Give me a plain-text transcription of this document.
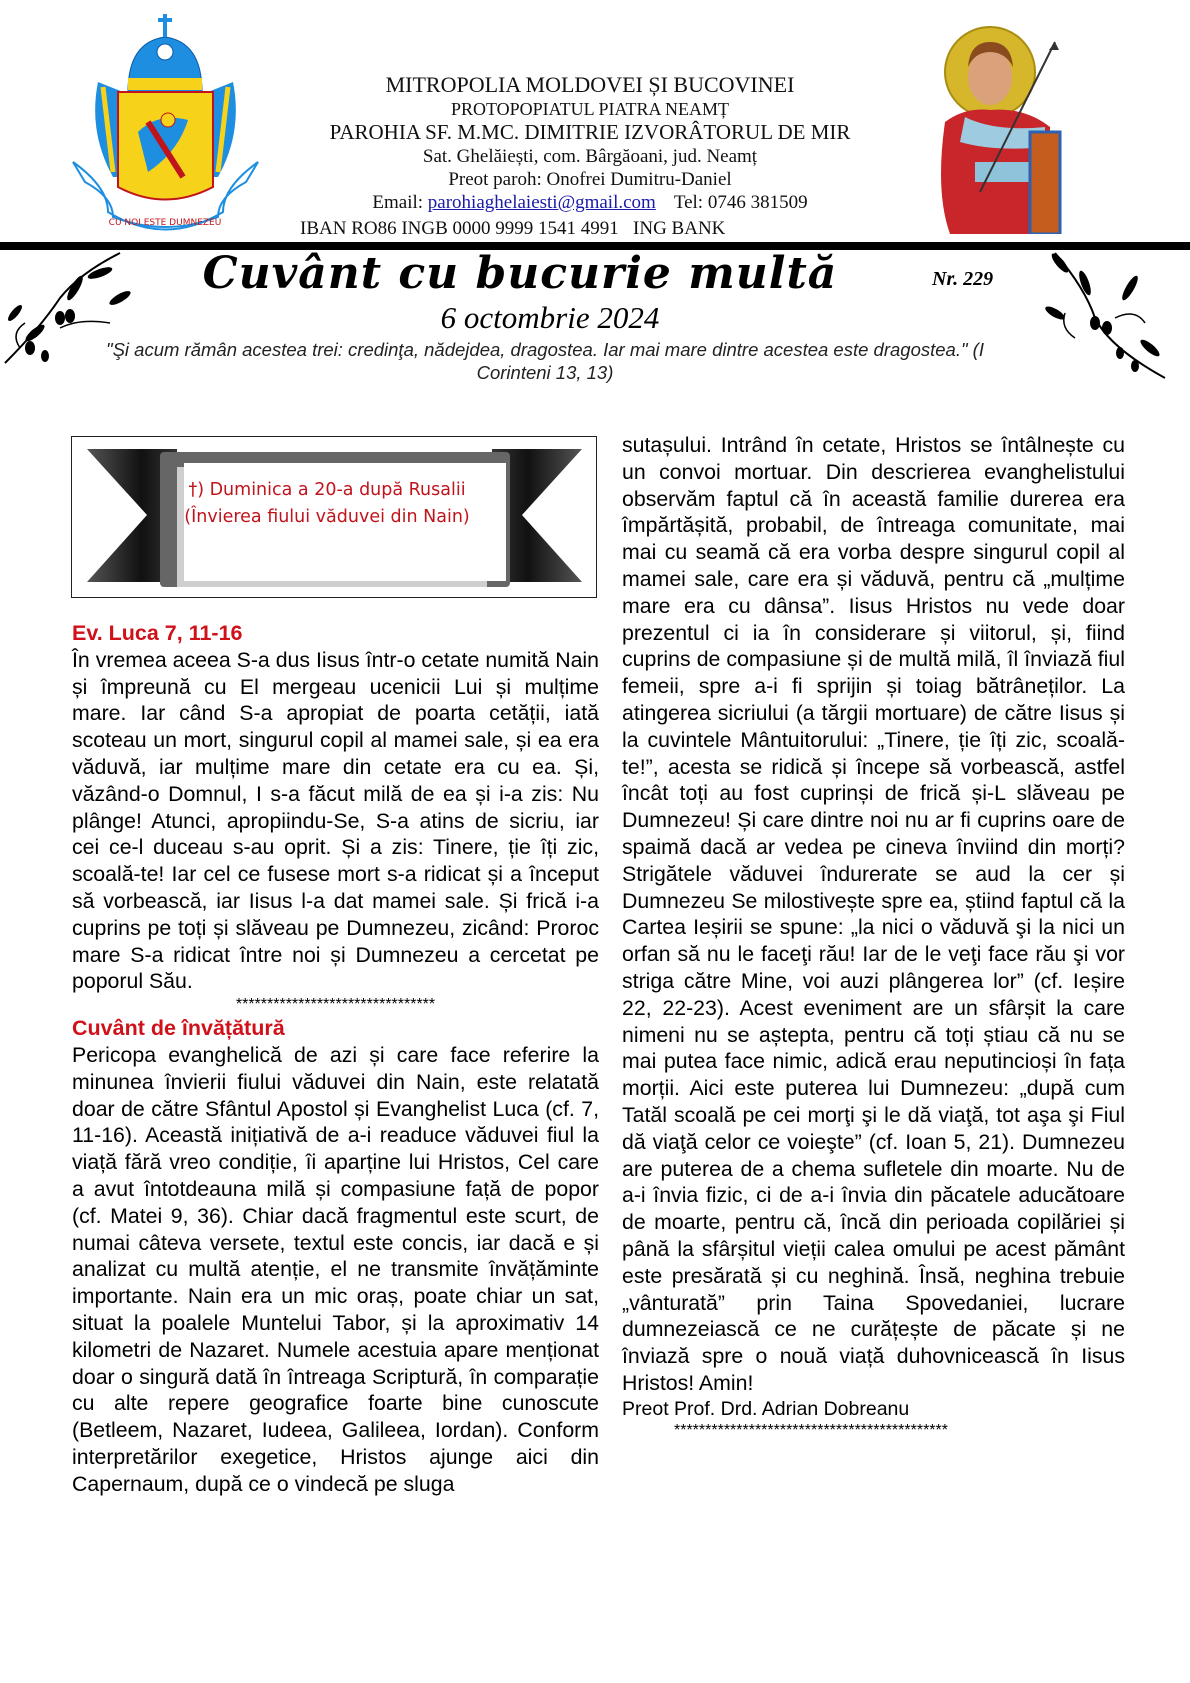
CU NOI ESTE DUMNEZEU
MITROPOLIA MOLDOVEI ȘI BUCOVINEI
PROTOPOPIATUL PIATRA NEAMȚ
PAROHIA SF. M.MC. DIMITRIE IZVORÂTORUL DE MIR
Sat. Ghelăiești, com. Bârgăoani, jud. Neamț
Preot paroh: Onofrei Dumitru-Daniel
Email: parohiaghelaiesti@gmail.com Tel: 0746 381509
IBAN RO86 INGB 0000 9999 1541 4991   ING BANK
Cuvânt cu bucurie multă	Nr. 229
6 octombrie 2024
"Şi acum rămân acestea trei: credinţa, nădejdea, dragostea. Iar mai mare dintre acestea este dragostea." (I Corinteni 13, 13)
†) Duminica a 20-a după Rusalii
(Învierea fiului văduvei din Nain)

Ev. Luca 7, 11-16

În vremea aceea S-a dus Iisus într-o cetate numită Nain și împreună cu El mergeau ucenicii Lui și mulțime mare. Iar când S-a apropiat de poarta cetății, iată scoteau un mort, singurul copil al mamei sale, și ea era văduvă, iar mulțime mare din cetate era cu ea. Și, văzând-o Domnul, I s-a făcut milă de ea și i-a zis: Nu plânge! Atunci, apropiindu-Se, S-a atins de sicriu, iar cei ce-l duceau s-au oprit. Și a zis: Tinere, ție îți zic, scoală-te! Iar cel ce fusese mort s-a ridicat și a început să vorbească, iar Iisus l-a dat mamei sale. Și frică i-a cuprins pe toți și slăveau pe Dumnezeu, zicând: Proroc mare S-a ridicat între noi și Dumnezeu a cercetat pe poporul Său.

********************************

Cuvânt de învățătură

Pericopa evanghelică de azi și care face referire la minunea învierii fiului văduvei din Nain, este relatată doar de către Sfântul Apostol și Evanghelist Luca (cf. 7, 11-16). Această inițiativă de a-i readuce văduvei fiul la viață fără vreo condiție, îi aparține lui Hristos, Cel care a avut întotdeauna milă și compasiune față de popor (cf. Matei 9, 36). Chiar dacă fragmentul este scurt, de numai câteva versete, textul este concis, iar dacă e și analizat cu multă atenție, el ne transmite învățăminte importante. Nain era un mic oraș, poate chiar un sat, situat la poalele Muntelui Tabor, și la aproximativ 14 kilometri de Nazaret. Numele acestuia apare menționat doar o singură dată în întreaga Scriptură, în comparație cu alte repere geografice foarte bine cunoscute (Betleem, Nazaret, Iudeea, Galileea, Iordan). Conform interpretărilor exegetice, Hristos ajunge aici din Capernaum, după ce o vindecă pe sluga

sutașului. Intrând în cetate, Hristos se întâlnește cu un convoi mortuar. Din descrierea evanghelistului observăm faptul că în această familie durerea era împărtășită, probabil, de întreaga comunitate, mai mai cu seamă că era vorba despre singurul copil al mamei sale, care era și văduvă, pentru că „mulțime mare era cu dânsa”. Iisus Hristos nu vede doar prezentul ci ia în considerare și viitorul, și, fiind cuprins de compasiune și de multă milă, îl înviază fiul femeii, spre a-i fi sprijin și toiag bătrâneților. La atingerea sicriului (a tărgii mortuare) de către Iisus și la cuvintele Mântuitorului: „Tinere, ție îți zic, scoală-te!”, acesta se ridică și începe să vorbească, astfel încât toți au fost cuprinși de frică și-L slăveau pe Dumnezeu! Și care dintre noi nu ar fi cuprins oare de spaimă dacă ar vedea pe cineva înviind din morți? Strigătele văduvei îndurerate se aud la cer și Dumnezeu Se milostivește spre ea, știind faptul că la Cartea Ieșirii se spune: „la nici o văduvă şi la nici un orfan să nu le faceţi rău! Iar de le veţi face rău şi vor striga către Mine, voi auzi plângerea lor” (cf. Ieșire 22, 22-23). Acest eveniment are un sfârșit la care nimeni nu se aștepta, pentru că toți știau că nu se mai putea face nimic, adică erau neputincioși în fața morții. Aici este puterea lui Dumnezeu: „după cum Tatăl scoală pe cei morţi şi le dă viaţă, tot aşa şi Fiul dă viaţă celor ce voieşte” (cf. Ioan 5, 21). Dumnezeu are puterea de a chema sufletele din moarte. Nu de a-i învia fizic, ci de a-i învia din păcatele aducătoare de moarte, pentru că, încă din perioada copilăriei și până la sfârșitul vieții calea omului pe acest pământ este presărată și cu neghină. Însă, neghina trebuie „vânturată” prin Taina Spovedaniei, lucrare dumnezeiască ce ne curățește de păcate și ne înviază spre o nouă viață duhovnicească în Iisus Hristos! Amin!

Preot Prof. Drd. Adrian Dobreanu

********************************************
